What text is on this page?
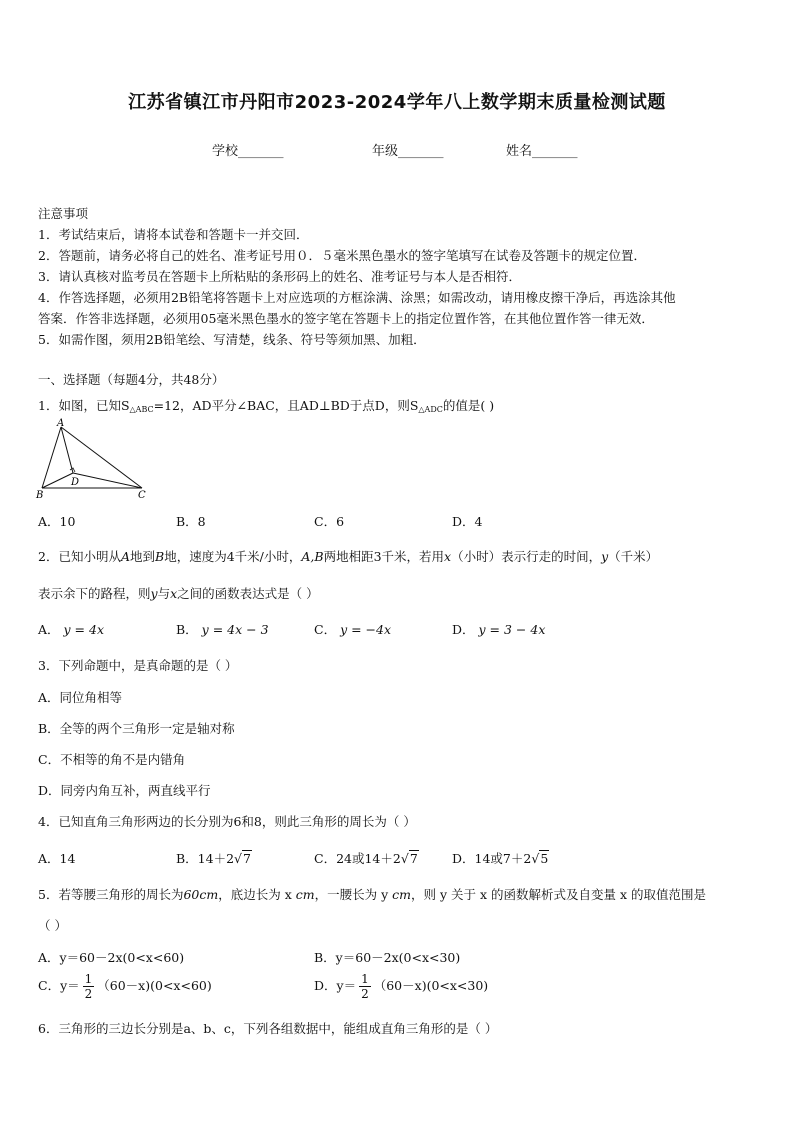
江苏省镇江市丹阳市2023-2024学年八上数学期末质量检测试题
学校_______	年级_______	姓名_______
注意事项
1．考试结束后，请将本试卷和答题卡一并交回．
2．答题前，请务必将自己的姓名、准考证号用０．５毫米黑色墨水的签字笔填写在试卷及答题卡的规定位置．
3．请认真核对监考员在答题卡上所粘贴的条形码上的姓名、准考证号与本人是否相符．
4．作答选择题，必须用2B铅笔将答题卡上对应选项的方框涂满、涂黑；如需改动，请用橡皮擦干净后，再选涂其他
答案．作答非选择题，必须用05毫米黑色墨水的签字笔在答题卡上的指定位置作答，在其他位置作答一律无效．
5．如需作图，须用2B铅笔绘、写清楚，线条、符号等须加黑、加粗．
一、选择题（每题4分，共48分）
1．如图，已知$S_{\triangle ABC}=12$，AD平分∠BAC，且AD⊥BD于点D，则$S_{\triangle ADC}$的值是( )
A
B	C
D
A．10	B．8	C．6	D．4
2．已知小明从A地到B地，速度为4千米/小时，A,B两地相距3千米，若用x（小时）表示行走的时间，y（千米）
表示余下的路程，则y与x之间的函数表达式是（ ）
A． y = 4x	B． y = 4x − 3	C． y = −4x	D． y = 3 − 4x
3．下列命题中，是真命题的是（ ）
A．同位角相等
B．全等的两个三角形一定是轴对称
C．不相等的角不是内错角
D．同旁内角互补，两直线平行
4．已知直角三角形两边的长分别为6和8，则此三角形的周长为（ ）
A．14	B．14＋2√7	C．24或14＋2√7	D．14或7＋2√5
5．若等腰三角形的周长为60cm，底边长为 x cm，一腰长为 y cm，则 y 关于 x 的函数解析式及自变量 x 的取值范围是
（ ）
A．y＝60－2x(0<x<60)	B．y＝60－2x(0<x<30)
C．$y= \frac{1}{2} (60-x)(0<x<60)$	D．$y= \frac{1}{2} (60-x)(0<x<30)$
6．三角形的三边长分别是a、b、c，下列各组数据中，能组成直角三角形的是（ ）
